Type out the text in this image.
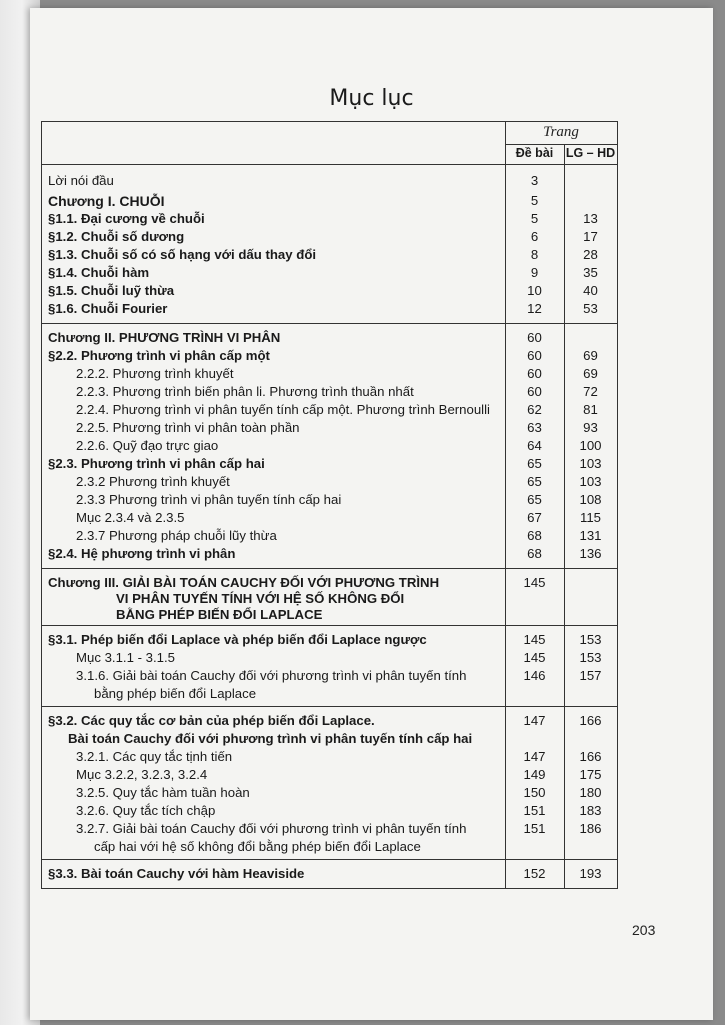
Mục lục
203
Trang
Đề bài	LG – HD
Lời nói đầu	3
Chương I. CHUỖI	5
§1.1. Đại cương về chuỗi	5	13
§1.2. Chuỗi số dương	6	17
§1.3. Chuỗi số có số hạng với dấu thay đổi	8	28
§1.4. Chuỗi hàm	9	35
§1.5. Chuỗi luỹ thừa	10	40
§1.6. Chuỗi Fourier	12	53
Chương II. PHƯƠNG TRÌNH VI PHÂN	60
§2.2. Phương trình vi phân cấp một	60	69
2.2.2. Phương trình khuyết	60	69
2.2.3. Phương trình biến phân li. Phương trình thuần nhất	60	72
2.2.4. Phương trình vi phân tuyến tính cấp một. Phương trình Bernoulli	62	81
2.2.5. Phương trình vi phân toàn phần	63	93
2.2.6. Quỹ đạo trực giao	64	100
§2.3. Phương trình vi phân cấp hai	65	103
2.3.2 Phương trình khuyết	65	103
2.3.3 Phương trình vi phân tuyến tính cấp hai	65	108
Mục 2.3.4 và 2.3.5	67	115
2.3.7 Phương pháp chuỗi lũy thừa	68	131
§2.4. Hệ phương trình vi phân	68	136
Chương III. GIẢI BÀI TOÁN CAUCHY ĐỐI VỚI PHƯƠNG TRÌNH	145
VI PHÂN TUYẾN TÍNH VỚI HỆ SỐ KHÔNG ĐỔI
BẰNG PHÉP BIẾN ĐỔI LAPLACE
§3.1. Phép biến đổi Laplace và phép biến đổi Laplace ngược	145	153
Mục 3.1.1 - 3.1.5	145	153
3.1.6. Giải bài toán Cauchy đối với phương trình vi phân tuyến tính	146	157
bằng phép biến đổi Laplace
§3.2. Các quy tắc cơ bản của phép biến đổi Laplace.	147	166
Bài toán Cauchy đối với phương trình vi phân tuyến tính cấp hai
3.2.1. Các quy tắc tịnh tiến	147	166
Mục 3.2.2, 3.2.3, 3.2.4	149	175
3.2.5. Quy tắc hàm tuần hoàn	150	180
3.2.6. Quy tắc tích chập	151	183
3.2.7. Giải bài toán Cauchy đối với phương trình vi phân tuyến tính	151	186
cấp hai với hệ số không đổi bằng phép biến đổi Laplace
§3.3. Bài toán Cauchy với hàm Heaviside	152	193
